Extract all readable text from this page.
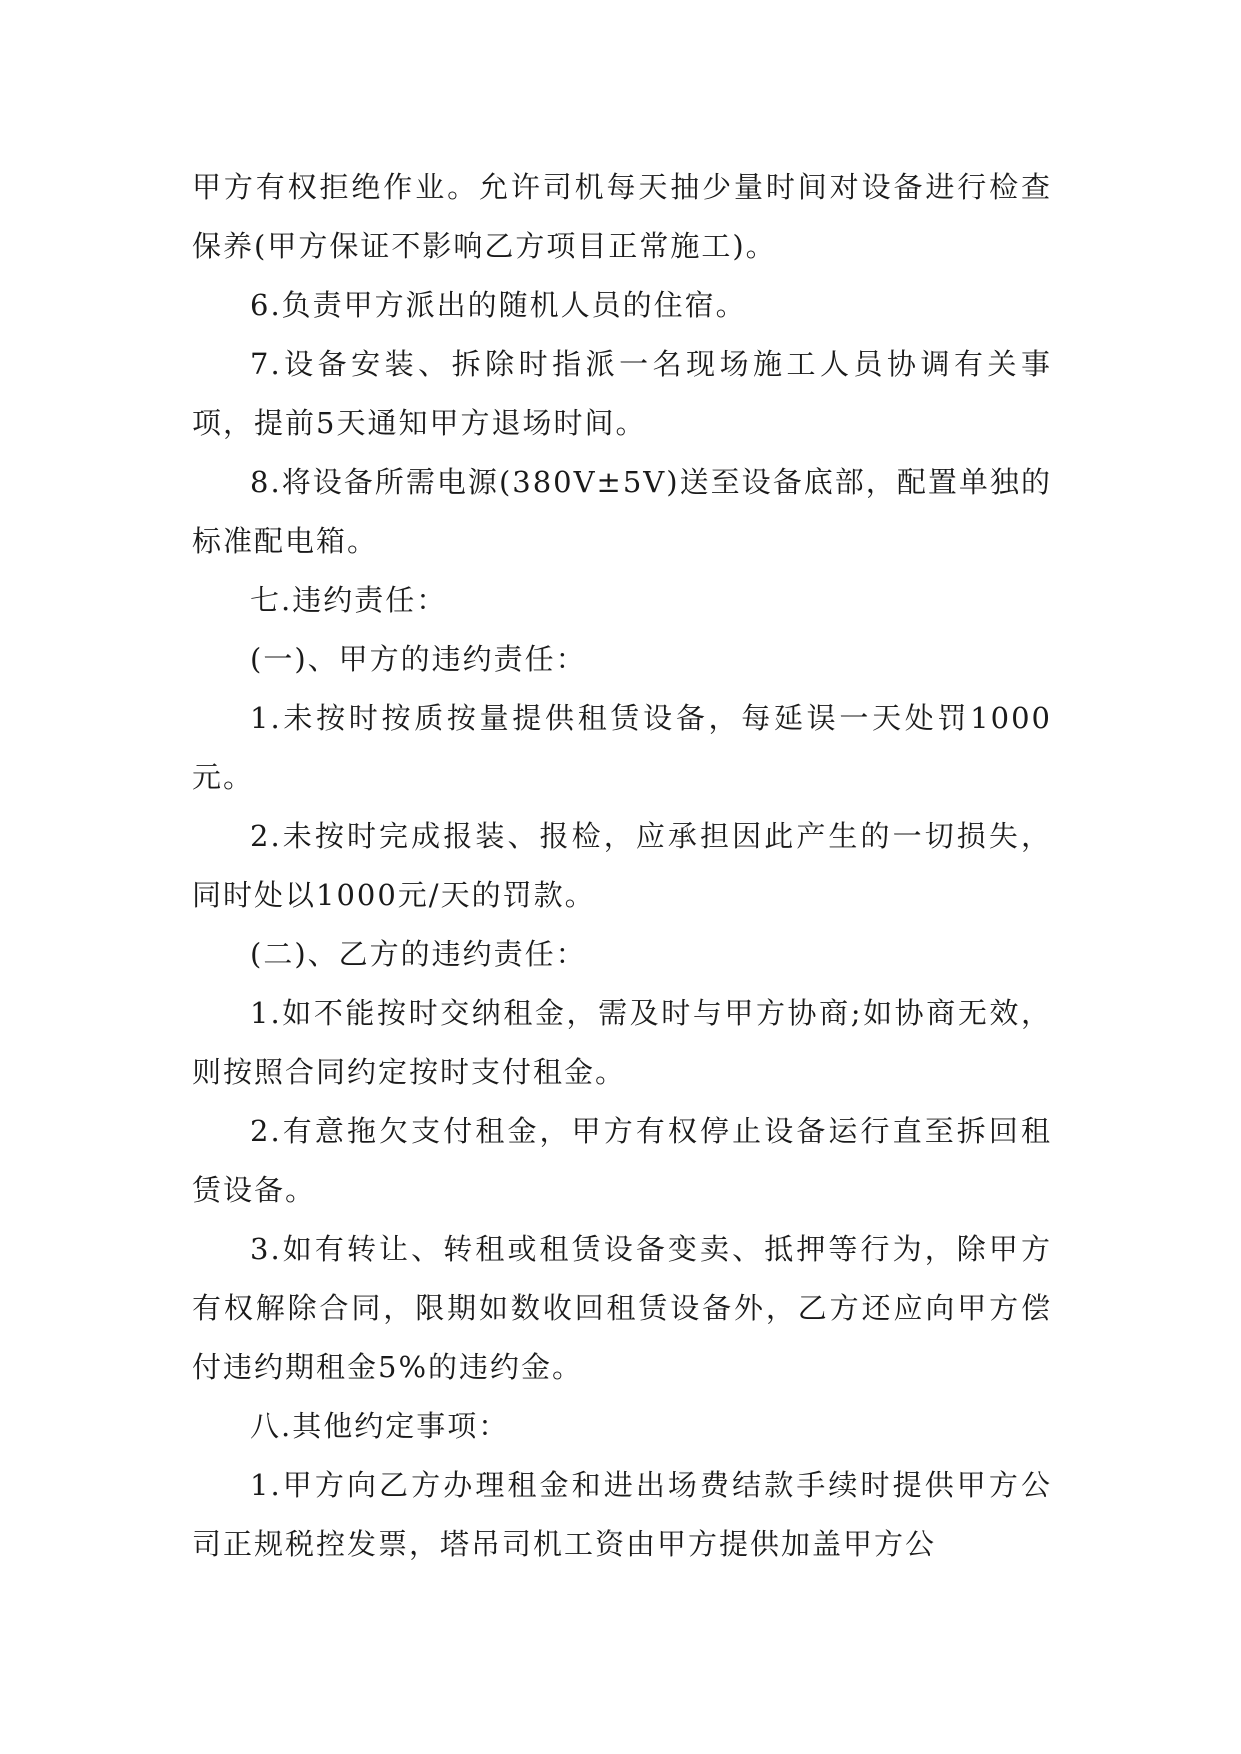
甲方有权拒绝作业。允许司机每天抽少量时间对设备进行检查保养(甲方保证不影响乙方项目正常施工)。

6.负责甲方派出的随机人员的住宿。

7.设备安装、拆除时指派一名现场施工人员协调有关事项，提前5天通知甲方退场时间。

8.将设备所需电源(380V±5V)送至设备底部，配置单独的标准配电箱。

七.违约责任：

(一)、甲方的违约责任：

1.未按时按质按量提供租赁设备，每延误一天处罚1000元。

2.未按时完成报装、报检，应承担因此产生的一切损失，同时处以1000元/天的罚款。

(二)、乙方的违约责任：

1.如不能按时交纳租金，需及时与甲方协商;如协商无效，则按照合同约定按时支付租金。

2.有意拖欠支付租金，甲方有权停止设备运行直至拆回租赁设备。

3.如有转让、转租或租赁设备变卖、抵押等行为，除甲方有权解除合同，限期如数收回租赁设备外，乙方还应向甲方偿付违约期租金5%的违约金。

八.其他约定事项：

1.甲方向乙方办理租金和进出场费结款手续时提供甲方公司正规税控发票，塔吊司机工资由甲方提供加盖甲方公
